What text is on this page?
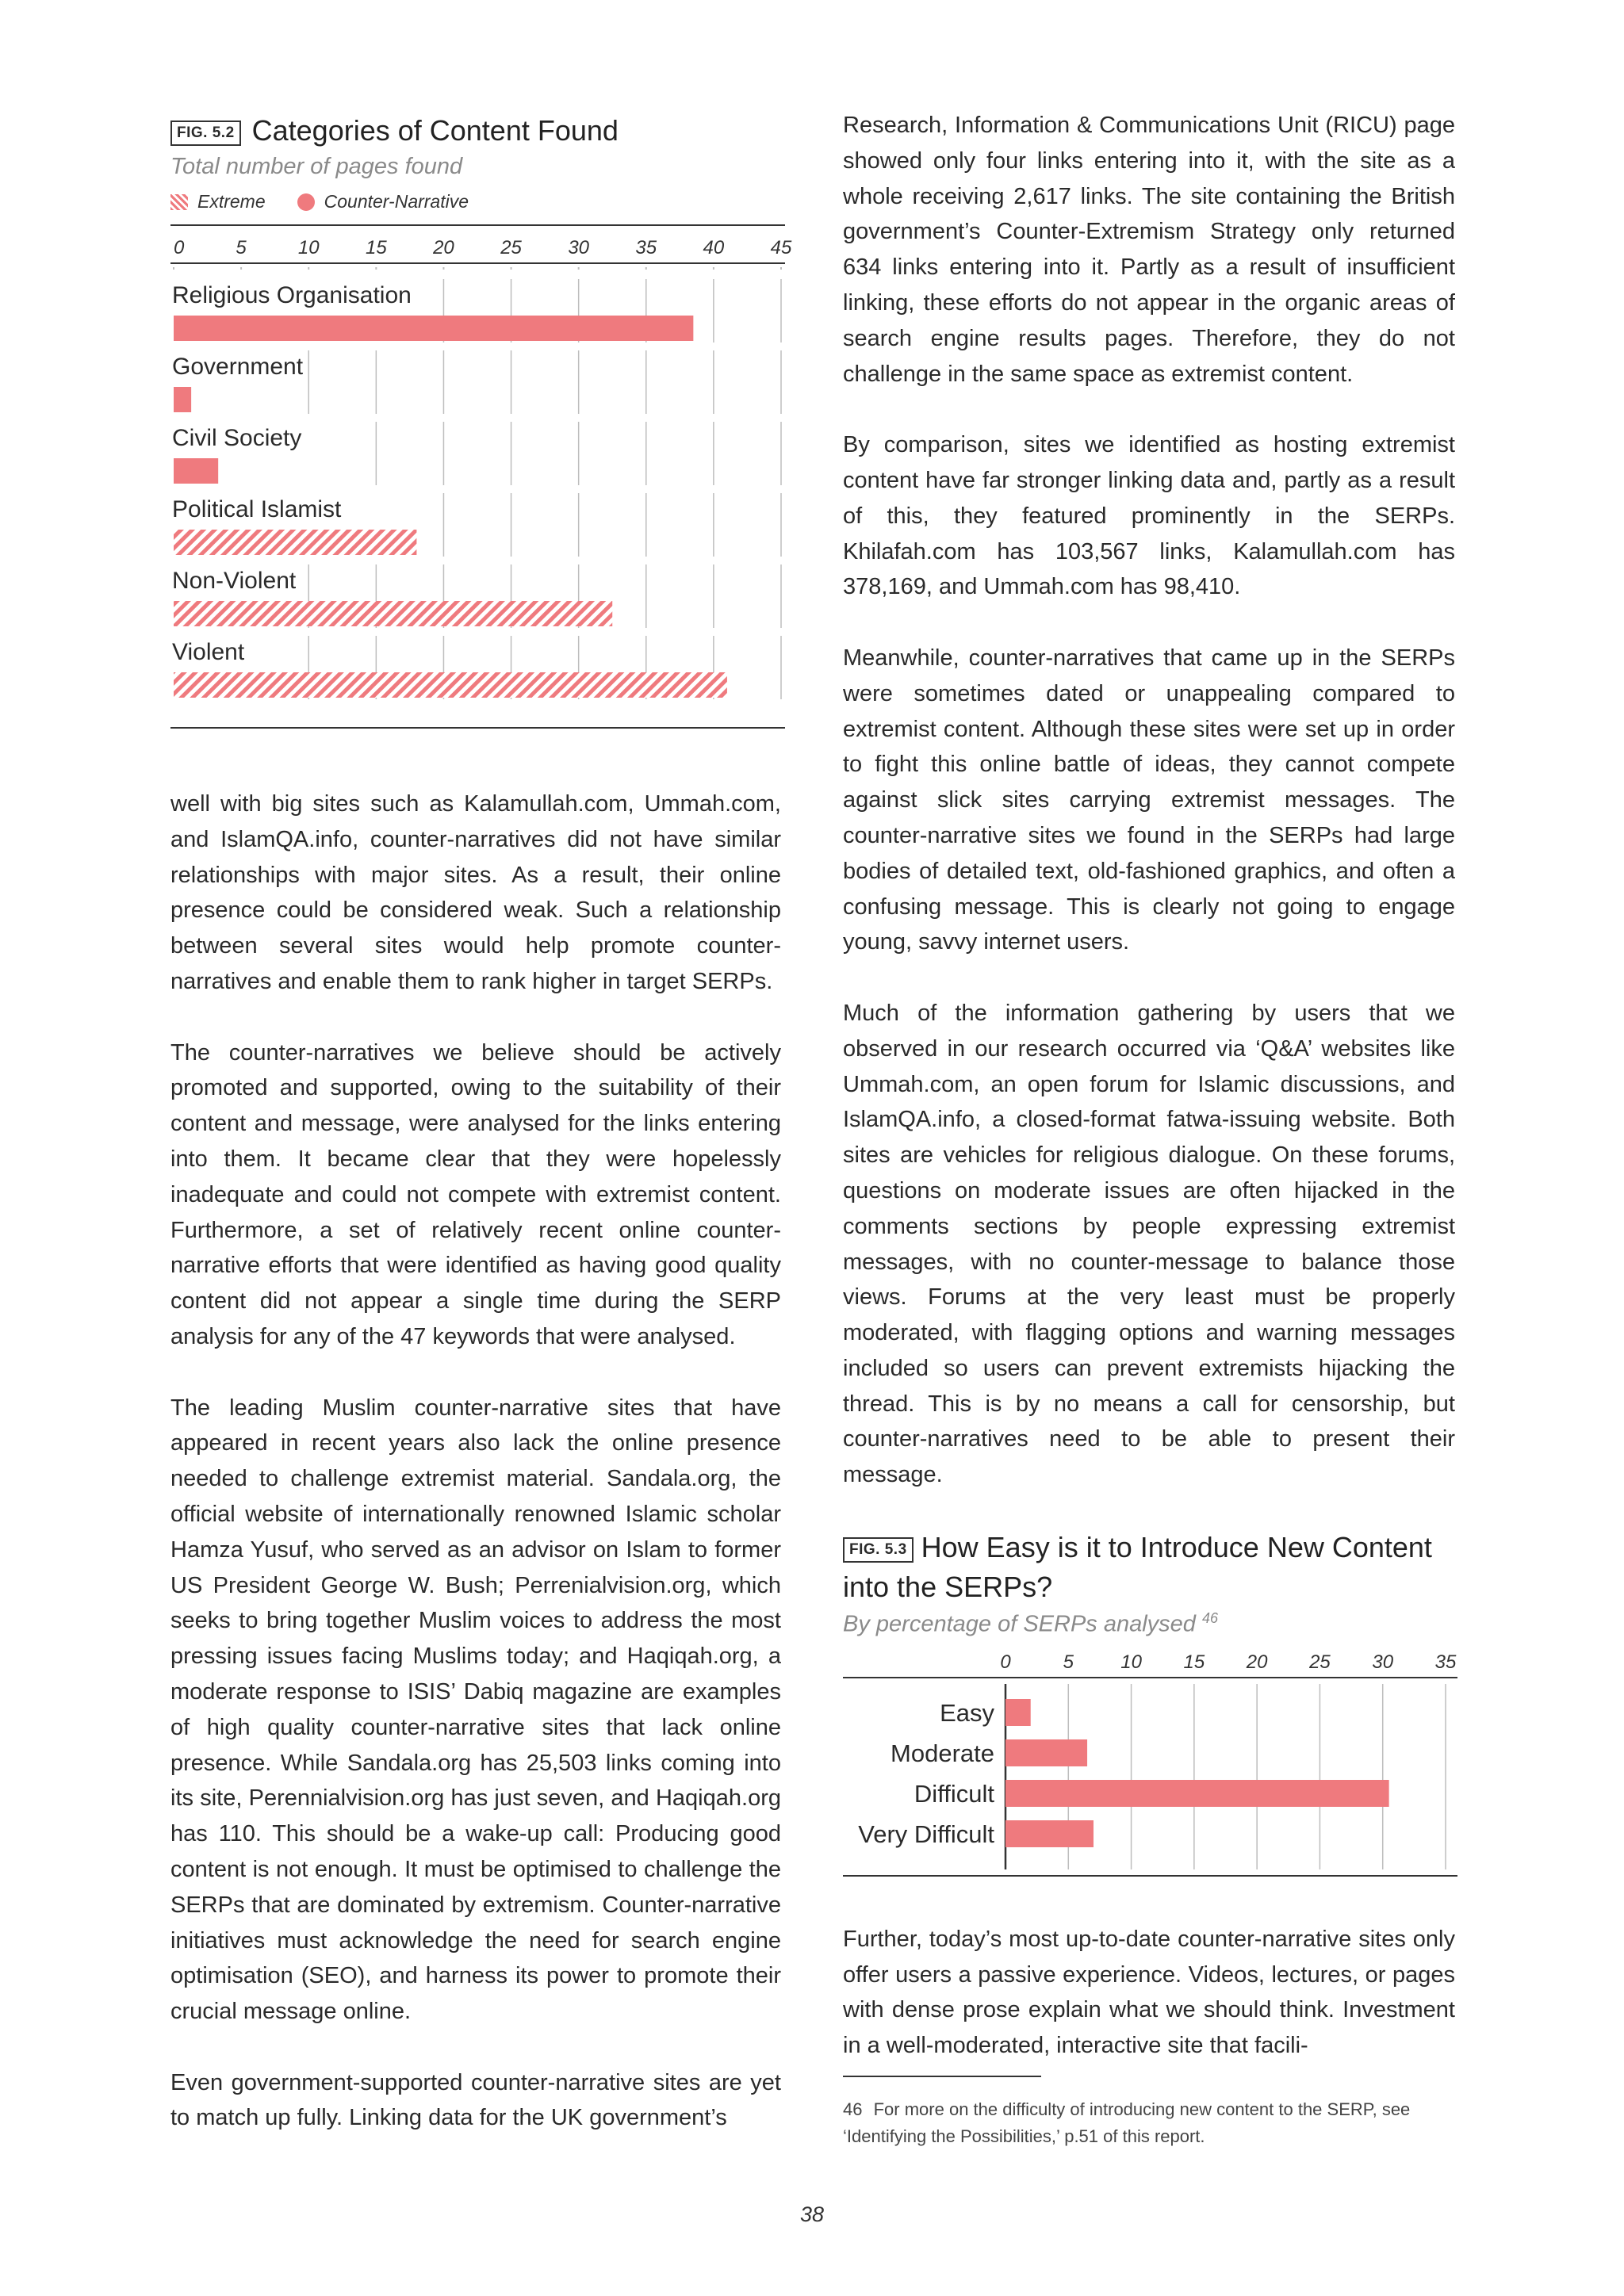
FIG. 5.2 Categories of Content Found
Total number of pages found
Extreme	Counter-Narrative
0	5	10 15 20 25 30 35 40 45
Religious Organisation
Government
Civil Society
Political Islamist
Non-Violent
Violent

well with big sites such as Kalamullah.com, Ummah.com, and IslamQA.info, counter-narratives did not have similar relationships with major sites. As a result, their online presence could be considered weak. Such a relationship between several sites would help promote counter-narratives and enable them to rank higher in target SERPs.

The counter-narratives we believe should be actively promoted and supported, owing to the suitability of their content and message, were analysed for the links entering into them. It became clear that they were hopelessly inadequate and could not compete with extremist content. Furthermore, a set of relatively recent online counter-narrative efforts that were identified as having good quality content did not appear a single time during the SERP analysis for any of the 47 keywords that were analysed.

The leading Muslim counter-narrative sites that have appeared in recent years also lack the online presence needed to challenge extremist material. Sandala.org, the official website of internationally renowned Islamic scholar Hamza Yusuf, who served as an advisor on Islam to former US President George W. Bush; Perrenialvision.org, which seeks to bring together Muslim voices to address the most pressing issues facing Muslims today; and Haqiqah.org, a moderate response to ISIS’ Dabiq magazine are examples of high quality counter-narrative sites that lack online presence. While Sandala.org has 25,503 links coming into its site, Perennialvision.org has just seven, and Haqiqah.org has 110. This should be a wake-up call: Producing good content is not enough. It must be optimised to challenge the SERPs that are dominated by extremism. Counter-narrative initiatives must acknowledge the need for search engine optimisation (SEO), and harness its power to promote their crucial message online.

Even government-supported counter-narrative sites are yet to match up fully. Linking data for the UK government’s

Research, Information & Communications Unit (RICU) page showed only four links entering into it, with the site as a whole receiving 2,617 links. The site containing the British government’s Counter-Extremism Strategy only returned 634 links entering into it. Partly as a result of insufficient linking, these efforts do not appear in the organic areas of search engine results pages. Therefore, they do not challenge in the same space as extremist content.

By comparison, sites we identified as hosting extremist content have far stronger linking data and, partly as a result of this, they featured prominently in the SERPs. Khilafah.com has 103,567 links, Kalamullah.com has 378,169, and Ummah.com has 98,410.

Meanwhile, counter-narratives that came up in the SERPs were sometimes dated or unappealing compared to extremist content. Although these sites were set up in order to fight this online battle of ideas, they cannot compete against slick sites carrying extremist messages. The counter-narrative sites we found in the SERPs had large bodies of detailed text, old-fashioned graphics, and often a confusing message. This is clearly not going to engage young, savvy internet users.

Much of the information gathering by users that we observed in our research occurred via ‘Q&A’ websites like Ummah.com, an open forum for Islamic discussions, and IslamQA.info, a closed-format fatwa-issuing website. Both sites are vehicles for religious dialogue. On these forums, questions on moderate issues are often hijacked in the comments sections by people expressing extremist messages, with no counter-message to balance those views. Forums at the very least must be properly moderated, with flagging options and warning messages included so users can prevent extremists hijacking the thread. This is by no means a call for censorship, but counter-narratives need to be able to present their message.

FIG. 5.3 How Easy is it to Introduce New Content into the SERPs?
By percentage of SERPs analysed $^{46}$
0	5 10 15 20 25 30 35
Easy
Moderate
Difficult
Very Difficult

Further, today’s most up-to-date counter-narrative sites only offer users a passive experience. Videos, lectures, or pages with dense prose explain what we should think. Investment in a well-moderated, interactive site that facili-

46 For more on the difficulty of introducing new content to the SERP, see ‘Identifying the Possibilities,’ p.51 of this report.
38
